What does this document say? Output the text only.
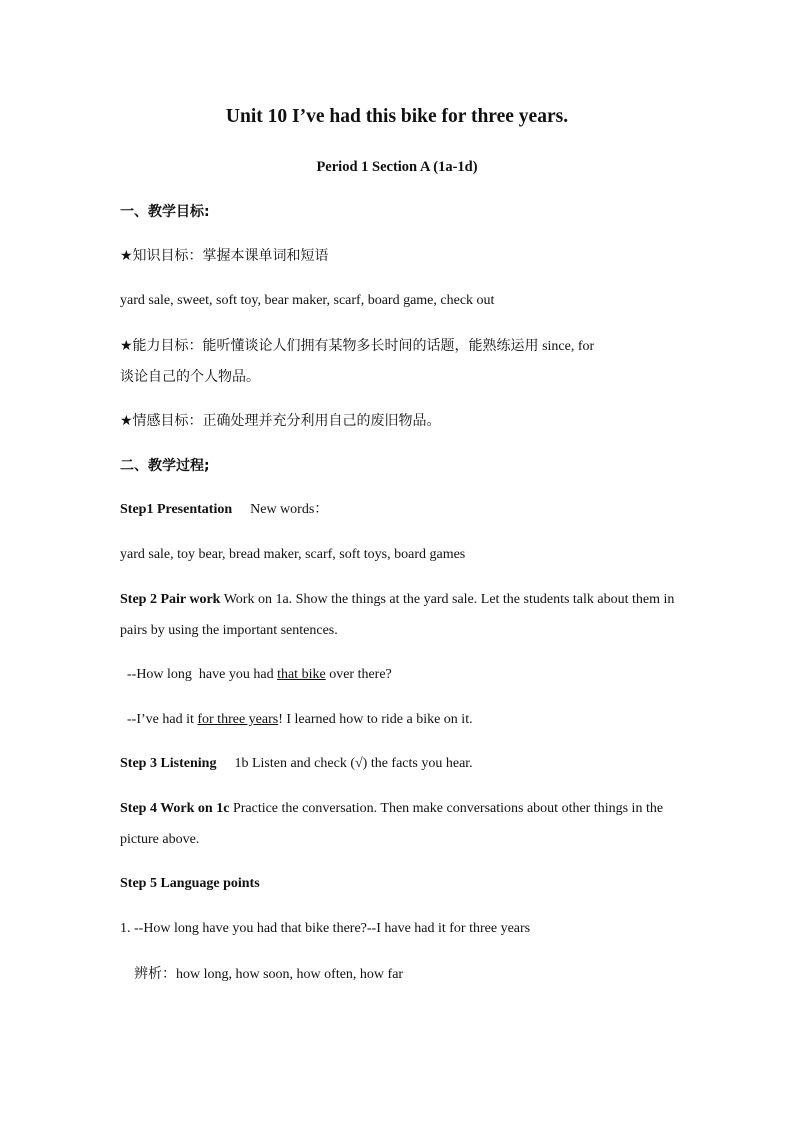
Unit 10 I’ve had this bike for three years.
Period 1 Section A (1a-1d)
一、教学目标:
★知识目标：掌握本课单词和短语
yard sale, sweet, soft toy, bear maker, scarf, board game, check out
★能力目标：能听懂谈论人们拥有某物多长时间的话题，能熟练运用 since, for
谈论自己的个人物品。
★情感目标：正确处理并充分利用自己的废旧物品。
二、教学过程;
Step1 Presentation New words：
yard sale, toy bear, bread maker, scarf, soft toys, board games
Step 2 Pair work Work on 1a. Show the things at the yard sale. Let the students talk about them in pairs by using the important sentences.
--How long  have you had that bike over there?
--I’ve had it for three years! I learned how to ride a bike on it.
Step 3 Listening 1b Listen and check (√) the facts you hear.
Step 4 Work on 1c Practice the conversation. Then make conversations about other things in the picture above.
Step 5 Language points
1. --How long have you had that bike there?--I have had it for three years
辨析：how long, how soon, how often, how far
